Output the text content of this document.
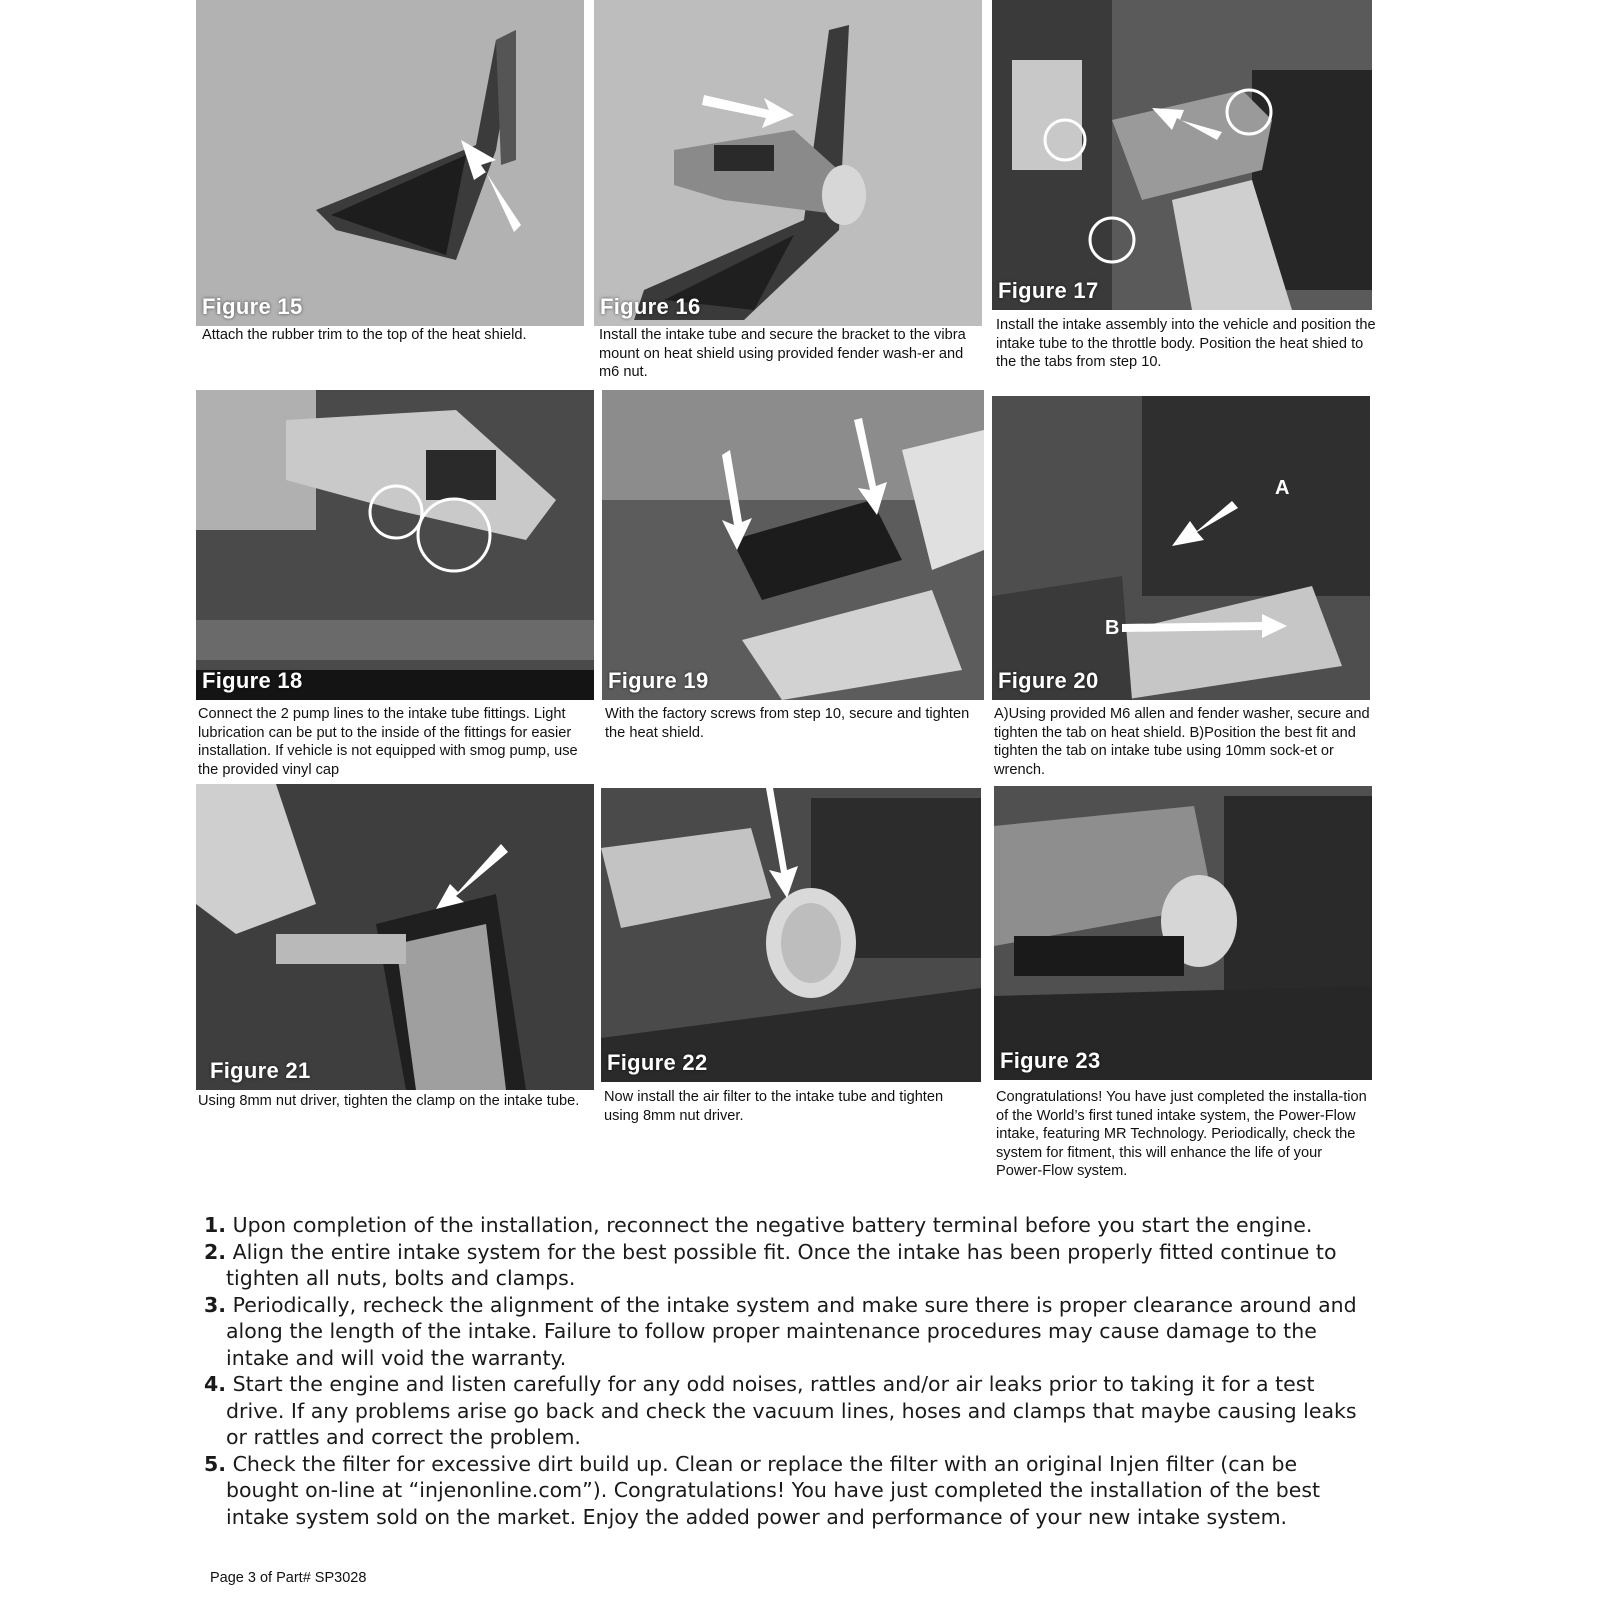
Figure 15
Attach the rubber trim to the top of the heat shield.
Figure 16
Install the intake tube and secure the bracket to the vibra mount on heat shield using provided fender wash-er and m6 nut.
Figure 17
Install the intake assembly into the vehicle and position the intake tube to the throttle body. Position the heat shied to the the tabs from step 10.
Figure 18
Connect the 2 pump lines to the intake tube fittings. Light lubrication can be put to the inside of the fittings for easier installation. If vehicle is not equipped with smog pump, use the provided vinyl cap
Figure 19
With the factory screws from step 10, secure and tighten the heat shield.
A
B
Figure 20
A)Using provided M6 allen and fender washer, secure and tighten the tab on heat shield. B)Position the best fit and tighten the tab on intake tube using 10mm sock-et or wrench.
Figure 21
Using 8mm nut driver, tighten the clamp on the intake tube.
Figure 22
Now install the air filter to the intake tube and tighten using 8mm nut driver.
Figure 23
Congratulations! You have just completed the installa-tion of the World’s first tuned intake system, the Power-Flow intake, featuring MR Technology. Periodically, check the system for fitment, this will enhance the life of your Power-Flow system.
1. Upon completion of the installation, reconnect the negative battery terminal before you start the engine.
2. Align the entire intake system for the best possible fit. Once the intake has been properly fitted continue to tighten all nuts, bolts and clamps.
3. Periodically, recheck the alignment of the intake system and make sure there is proper clearance around and along the length of the intake. Failure to follow proper maintenance procedures may cause damage to the intake and will void the warranty.
4. Start the engine and listen carefully for any odd noises, rattles and/or air leaks prior to taking it for a test drive. If any problems arise go back and check the vacuum lines, hoses and clamps that maybe causing leaks or rattles and correct the problem.
5. Check the filter for excessive dirt build up. Clean or replace the filter with an original Injen filter (can be bought on-line at “injenonline.com”). Congratulations! You have just completed the installation of the best intake system sold on the market. Enjoy the added power and performance of your new intake system.
Page 3 of Part# SP3028
